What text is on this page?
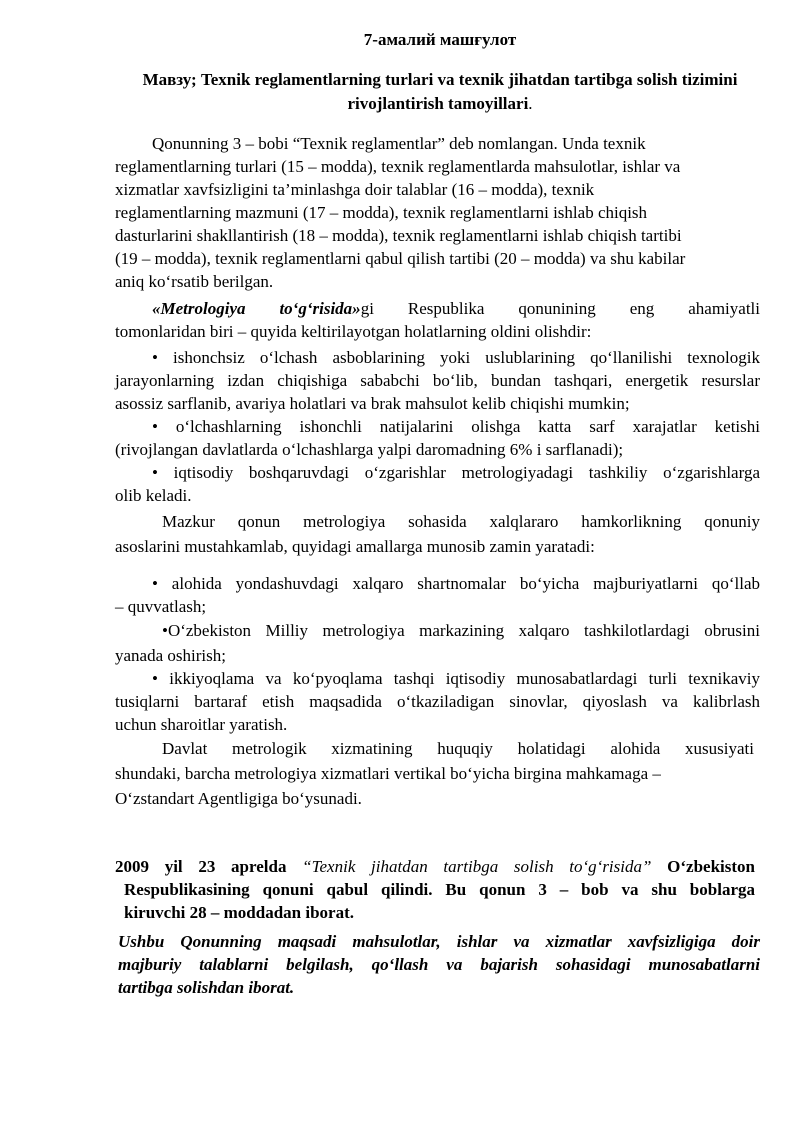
7-амалий машғулот
Мавзу; Texnik reglamentlarning turlari va texnik jihatdan tartibga solish tizimini rivojlantirish tamoyillari.
Qonunning 3 – bobi “Texnik reglamentlar” deb nomlangan. Unda texnik
reglamentlarning turlari (15 – modda), texnik reglamentlarda mahsulotlar, ishlar va
xizmatlar xavfsizligini ta’minlashga doir talablar (16 – modda), texnik
reglamentlarning mazmuni (17 – modda), texnik reglamentlarni ishlab chiqish
dasturlarini shakllantirish (18 – modda), texnik reglamentlarni ishlab chiqish tartibi
(19 – modda), texnik reglamentlarni qabul qilish tartibi (20 – modda) va shu kabilar
aniq ko‘rsatib berilgan.
«Metrologiya to‘g‘risida»gi Respublika qonunining eng ahamiyatli
tomonlaridan biri – quyida keltirilayotgan holatlarning oldini olishdir:
• ishonchsiz o‘lchash asboblarining yoki uslublarining qo‘llanilishi texnologik
jarayonlarning izdan chiqishiga sababchi bo‘lib, bundan tashqari, energetik resurslar
asossiz sarflanib, avariya holatlari va brak mahsulot kelib chiqishi mumkin;
• o‘lchashlarning ishonchli natijalarini olishga katta sarf xarajatlar ketishi
(rivojlangan davlatlarda o‘lchashlarga yalpi daromadning 6% i sarflanadi);
• iqtisodiy boshqaruvdagi o‘zgarishlar metrologiyadagi tashkiliy o‘zgarishlarga
olib keladi.
Mazkur qonun metrologiya sohasida xalqlararo hamkorlikning qonuniy
asoslarini mustahkamlab, quyidagi amallarga munosib zamin yaratadi:
• alohida yondashuvdagi xalqaro shartnomalar bo‘yicha majburiyatlarni qo‘llab
– quvvatlash;
•O‘zbekiston Milliy metrologiya markazining xalqaro tashkilotlardagi obrusini
yanada oshirish;
• ikkiyoqlama va ko‘pyoqlama tashqi iqtisodiy munosabatlardagi turli texnikaviy
tusiqlarni bartaraf etish maqsadida o‘tkaziladigan sinovlar, qiyoslash va kalibrlash
uchun sharoitlar yaratish.
Davlat metrologik xizmatining huquqiy holatidagi alohida xususiyati
shundaki, barcha metrologiya xizmatlari vertikal bo‘yicha birgina mahkamaga –
O‘zstandart Agentligiga bo‘ysunadi.
2009 yil 23 aprelda “Texnik jihatdan tartibga solish to‘g‘risida” O‘zbekiston
Respublikasining qonuni qabul qilindi. Bu qonun 3 – bob va shu boblarga
kiruvchi 28 – moddadan iborat.
Ushbu Qonunning maqsadi mahsulotlar, ishlar va xizmatlar xavfsizligiga doir
majburiy talablarni belgilash, qo‘llash va bajarish sohasidagi munosabatlarni
tartibga solishdan iborat.
